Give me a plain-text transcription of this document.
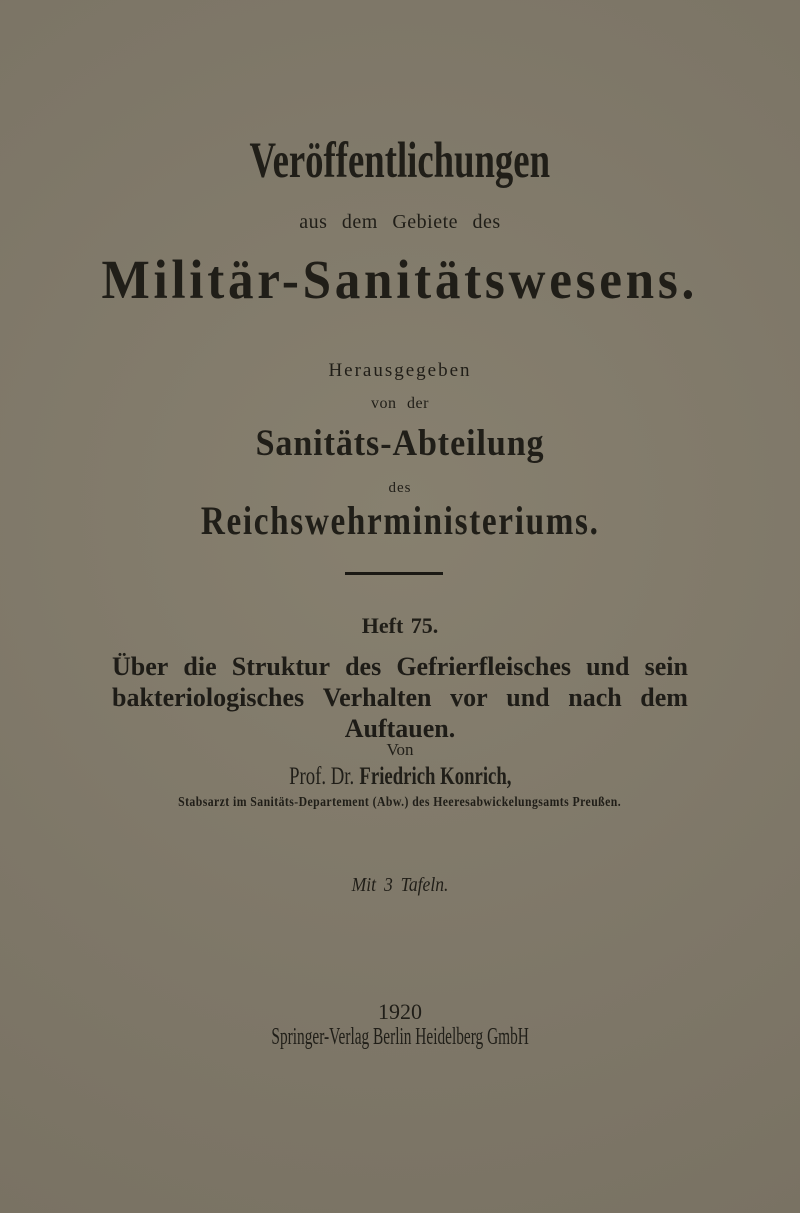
Veröffentlichungen
aus dem Gebiete des
Militär-Sanitätswesens.
Herausgegeben
von der
Sanitäts-Abteilung
des
Reichswehrministeriums.
Heft 75.
Über die Struktur des Gefrierfleisches und sein
bakteriologisches Verhalten vor und nach dem
Auftauen.
Von
Prof. Dr. Friedrich Konrich,
Stabsarzt im Sanitäts-Departement (Abw.) des Heeresabwickelungsamts Preußen.
Mit 3 Tafeln.
1920
Springer-Verlag Berlin Heidelberg GmbH
